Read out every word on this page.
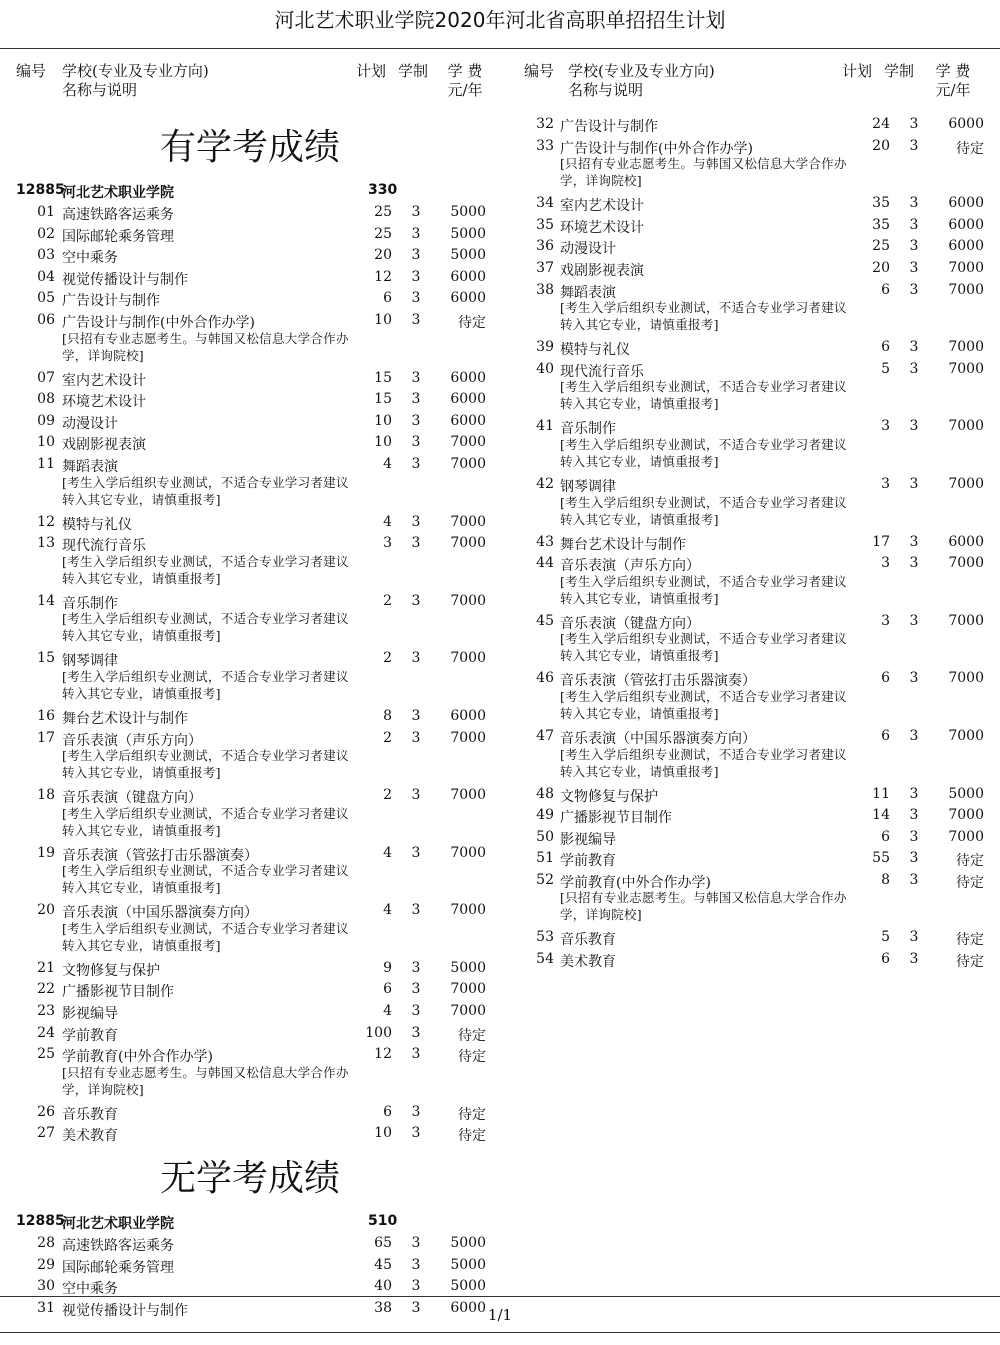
河北艺术职业学院2020年河北省高职单招招生计划
编号 学校(专业及专业方向)
名称与说明
计划 学制	学 费
元/年
有学考成绩
12885
河北艺术职业学院	330
01 高速铁路客运乘务	25 3	5000
02 国际邮轮乘务管理	25 3	5000
03 空中乘务	20 3	5000
04 视觉传播设计与制作	12 3	6000
05 广告设计与制作	6 3	6000
06 广告设计与制作(中外合作办学)	10 3	待定
[只招有专业志愿考生。与韩国又松信息大学合作办学，详询院校]
07 室内艺术设计	15 3	6000
08 环境艺术设计	15 3	6000
09 动漫设计	10 3	6000
10 戏剧影视表演	10 3	7000
11 舞蹈表演	4 3	7000
[考生入学后组织专业测试，不适合专业学习者建议转入其它专业，请慎重报考]
12 模特与礼仪	4 3	7000
13 现代流行音乐	3 3	7000
[考生入学后组织专业测试，不适合专业学习者建议转入其它专业，请慎重报考]
14 音乐制作	2 3	7000
[考生入学后组织专业测试，不适合专业学习者建议转入其它专业，请慎重报考]
15 钢琴调律	2 3	7000
[考生入学后组织专业测试，不适合专业学习者建议转入其它专业，请慎重报考]
16 舞台艺术设计与制作	8 3	6000
17 音乐表演（声乐方向）	2 3	7000
[考生入学后组织专业测试，不适合专业学习者建议转入其它专业，请慎重报考]
18 音乐表演（键盘方向）	2 3	7000
[考生入学后组织专业测试，不适合专业学习者建议转入其它专业，请慎重报考]
19 音乐表演（管弦打击乐器演奏）	4 3	7000
[考生入学后组织专业测试，不适合专业学习者建议转入其它专业，请慎重报考]
20 音乐表演（中国乐器演奏方向）	4 3	7000
[考生入学后组织专业测试，不适合专业学习者建议转入其它专业，请慎重报考]
21 文物修复与保护	9 3	5000
22 广播影视节目制作	6 3	7000
23 影视编导	4 3	7000
24 学前教育	100 3	待定
25 学前教育(中外合作办学)	12 3	待定
[只招有专业志愿考生。与韩国又松信息大学合作办学，详询院校]
26 音乐教育	6 3	待定
27 美术教育	10 3	待定
无学考成绩
12885
河北艺术职业学院	510
28 高速铁路客运乘务	65 3	5000
29 国际邮轮乘务管理	45 3	5000
30 空中乘务	40 3	5000
31 视觉传播设计与制作	38 3	6000
编号 学校(专业及专业方向)
名称与说明
计划 学制	学 费
元/年
32 广告设计与制作	24 3	6000
33 广告设计与制作(中外合作办学)	20 3	待定
[只招有专业志愿考生。与韩国又松信息大学合作办学，详询院校]
34 室内艺术设计	35 3	6000
35 环境艺术设计	35 3	6000
36 动漫设计	25 3	6000
37 戏剧影视表演	20 3	7000
38 舞蹈表演	6 3	7000
[考生入学后组织专业测试，不适合专业学习者建议转入其它专业，请慎重报考]
39 模特与礼仪	6 3	7000
40 现代流行音乐	5 3	7000
[考生入学后组织专业测试，不适合专业学习者建议转入其它专业，请慎重报考]
41 音乐制作	3 3	7000
[考生入学后组织专业测试，不适合专业学习者建议转入其它专业，请慎重报考]
42 钢琴调律	3 3	7000
[考生入学后组织专业测试，不适合专业学习者建议转入其它专业，请慎重报考]
43 舞台艺术设计与制作	17 3	6000
44 音乐表演（声乐方向）	3 3	7000
[考生入学后组织专业测试，不适合专业学习者建议转入其它专业，请慎重报考]
45 音乐表演（键盘方向）	3 3	7000
[考生入学后组织专业测试，不适合专业学习者建议转入其它专业，请慎重报考]
46 音乐表演（管弦打击乐器演奏）	6 3	7000
[考生入学后组织专业测试，不适合专业学习者建议转入其它专业，请慎重报考]
47 音乐表演（中国乐器演奏方向）	6 3	7000
[考生入学后组织专业测试，不适合专业学习者建议转入其它专业，请慎重报考]
48 文物修复与保护	11 3	5000
49 广播影视节目制作	14 3	7000
50 影视编导	6 3	7000
51 学前教育	55 3	待定
52 学前教育(中外合作办学)	8 3	待定
[只招有专业志愿考生。与韩国又松信息大学合作办学，详询院校]
53 音乐教育	5 3	待定
54 美术教育	6 3	待定
1/1
